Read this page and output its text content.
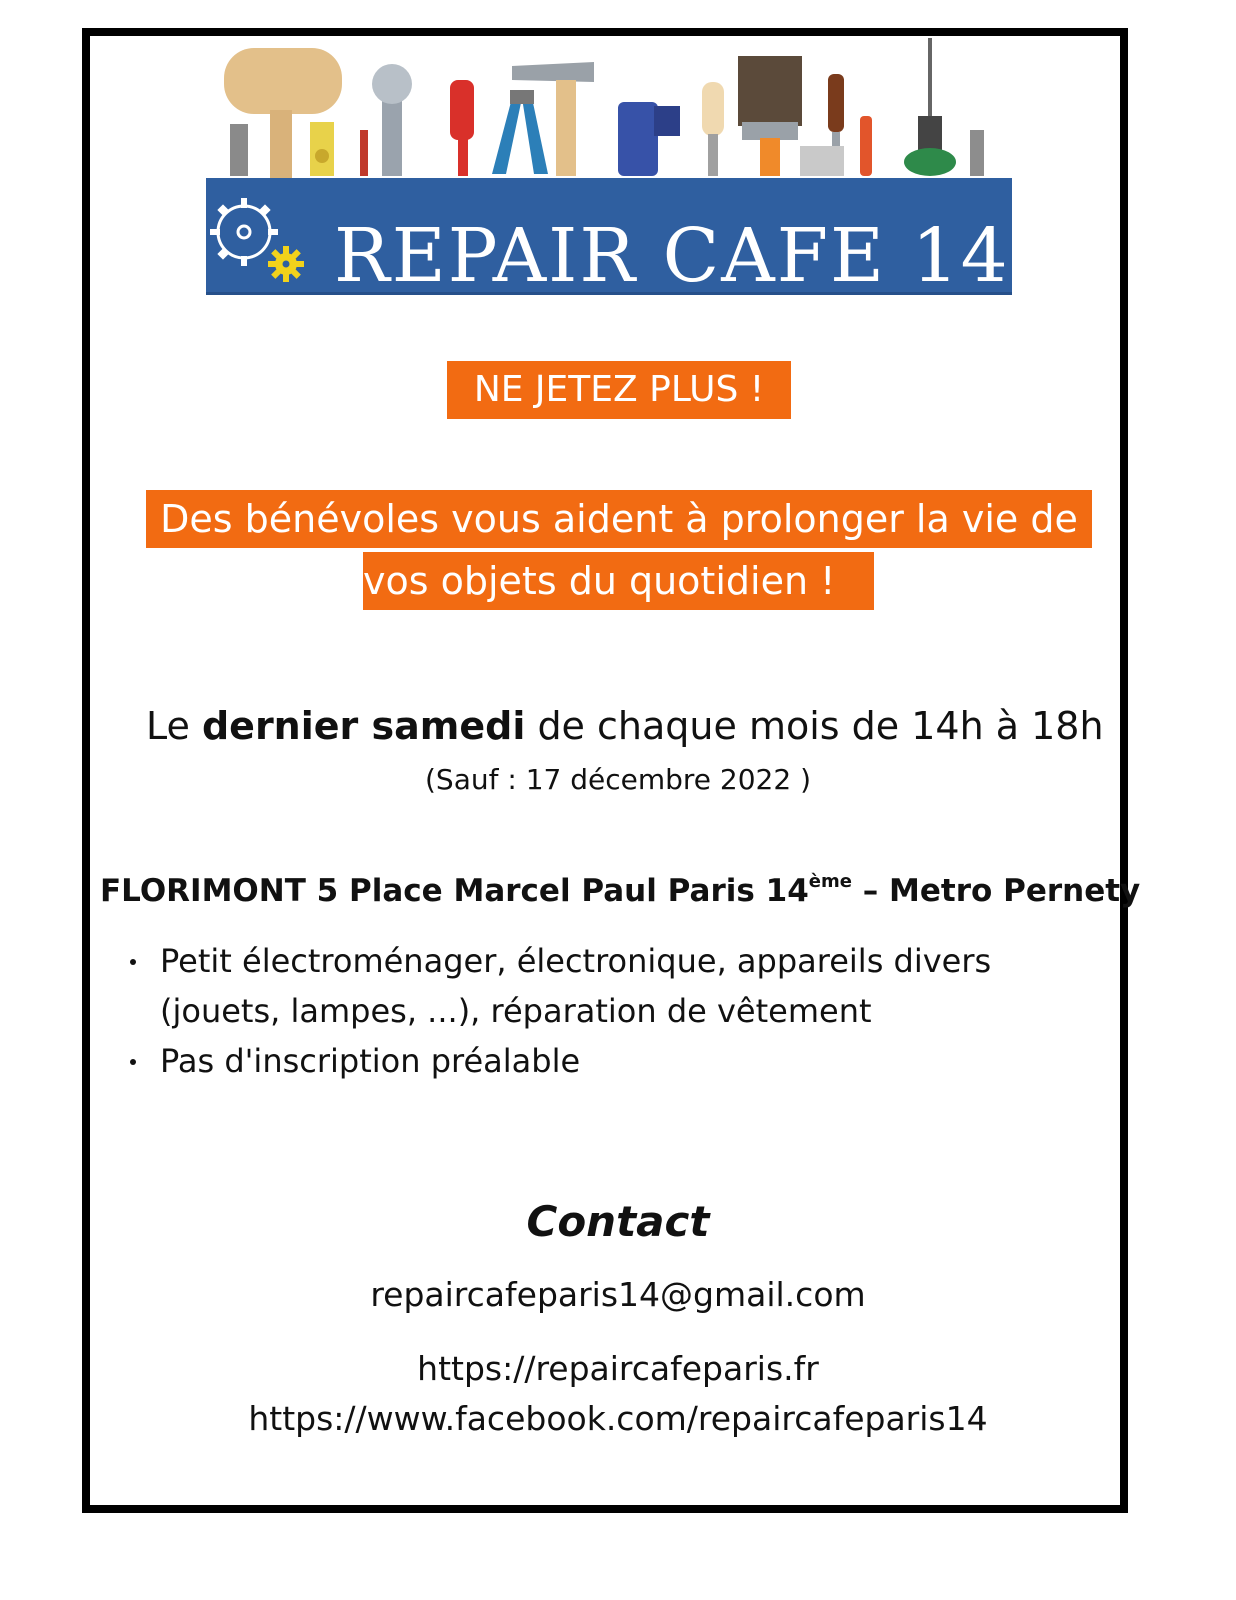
REPAIR CAFE 14e
NE JETEZ PLUS !
Des bénévoles vous aident à prolonger la vie de
vos objets du quotidien !
Le dernier samedi de chaque mois de 14h à 18h
(Sauf : 17 décembre 2022 )
FLORIMONT 5 Place Marcel Paul Paris 14ème – Metro Pernety
Petit électroménager, électronique, appareils divers
(jouets, lampes, ...), réparation de vêtement
Pas d'inscription préalable
Contact
repaircafeparis14@gmail.com
https://repaircafeparis.fr
https://www.facebook.com/repaircafeparis14
